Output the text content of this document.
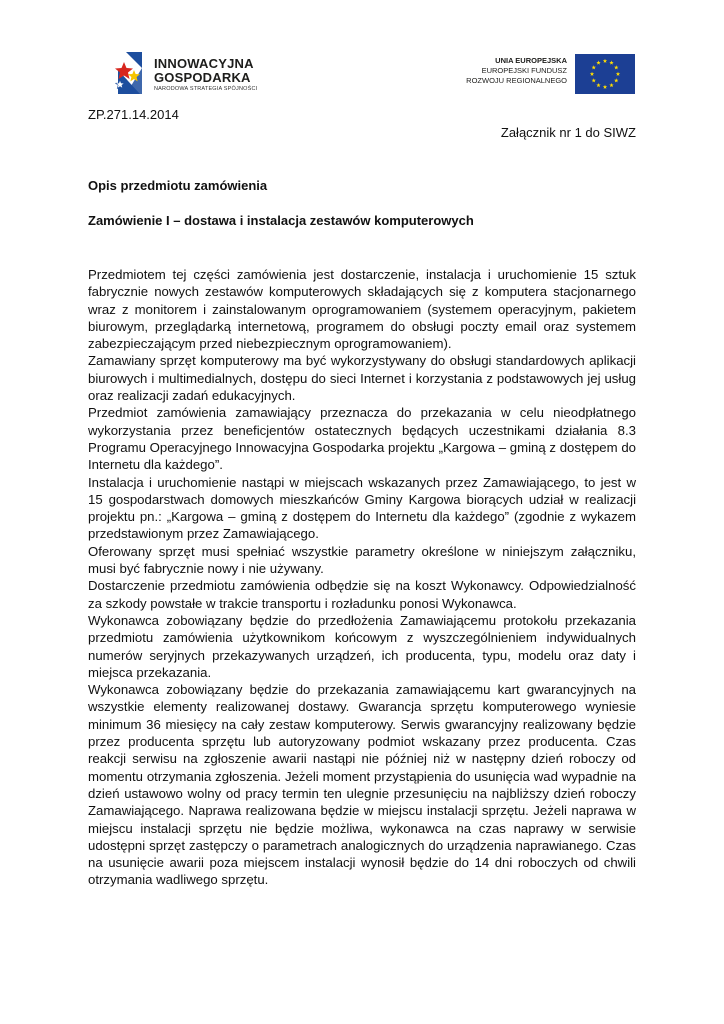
INNOWACYJNA
GOSPODARKA
NARODOWA STRATEGIA SPÓJNOŚCI
UNIA EUROPEJSKA
EUROPEJSKI FUNDUSZ
ROZWOJU REGIONALNEGO
ZP.271.14.2014
Załącznik nr 1 do SIWZ
Opis przedmiotu zamówienia
Zamówienie I – dostawa i instalacja zestawów komputerowych

Przedmiotem tej części zamówienia jest dostarczenie, instalacja i uruchomienie 15 sztuk fabrycznie nowych zestawów komputerowych składających się z komputera stacjonarnego wraz z monitorem i zainstalowanym oprogramowaniem (systemem operacyjnym, pakietem biurowym, przeglądarką internetową, programem do obsługi poczty email oraz systemem zabezpieczającym przed niebezpiecznym oprogramowaniem).

Zamawiany sprzęt komputerowy ma być wykorzystywany do obsługi standardowych aplikacji biurowych i multimedialnych, dostępu do sieci Internet i korzystania z podstawowych jej usług oraz realizacji zadań edukacyjnych.

Przedmiot zamówienia zamawiający przeznacza do przekazania w celu nieodpłatnego wykorzystania przez beneficjentów ostatecznych będących uczestnikami działania 8.3 Programu Operacyjnego Innowacyjna Gospodarka projektu „Kargowa – gminą z dostępem do Internetu dla każdego”.

Instalacja i uruchomienie nastąpi w miejscach wskazanych przez Zamawiającego, to jest w 15 gospodarstwach domowych mieszkańców Gminy Kargowa biorących udział w realizacji projektu pn.: „Kargowa – gminą z dostępem do Internetu dla każdego” (zgodnie z wykazem przedstawionym przez Zamawiającego.

Oferowany sprzęt musi spełniać wszystkie parametry określone w niniejszym załączniku, musi być fabrycznie nowy i nie używany.

Dostarczenie przedmiotu zamówienia odbędzie się na koszt Wykonawcy. Odpowiedzialność za szkody powstałe w trakcie transportu i rozładunku ponosi Wykonawca.

Wykonawca zobowiązany będzie do przedłożenia Zamawiającemu protokołu przekazania przedmiotu zamówienia użytkownikom końcowym z wyszczególnieniem indywidualnych numerów seryjnych przekazywanych urządzeń, ich producenta, typu, modelu oraz daty i miejsca przekazania.

Wykonawca zobowiązany będzie do przekazania zamawiającemu kart gwarancyjnych na wszystkie elementy realizowanej dostawy. Gwarancja sprzętu komputerowego wyniesie minimum 36 miesięcy na cały zestaw komputerowy. Serwis gwarancyjny realizowany będzie przez producenta sprzętu lub autoryzowany podmiot wskazany przez producenta. Czas reakcji serwisu na zgłoszenie awarii nastąpi nie później niż w następny dzień roboczy od momentu otrzymania zgłoszenia. Jeżeli moment przystąpienia do usunięcia wad wypadnie na dzień ustawowo wolny od pracy termin ten ulegnie przesunięciu na najbliższy dzień roboczy Zamawiającego. Naprawa realizowana będzie w miejscu instalacji sprzętu. Jeżeli naprawa w miejscu instalacji sprzętu nie będzie możliwa, wykonawca na czas naprawy w serwisie udostępni sprzęt zastępczy o parametrach analogicznych do urządzenia naprawianego. Czas na usunięcie awarii poza miejscem instalacji wynosił będzie do 14 dni roboczych od chwili otrzymania wadliwego sprzętu.
